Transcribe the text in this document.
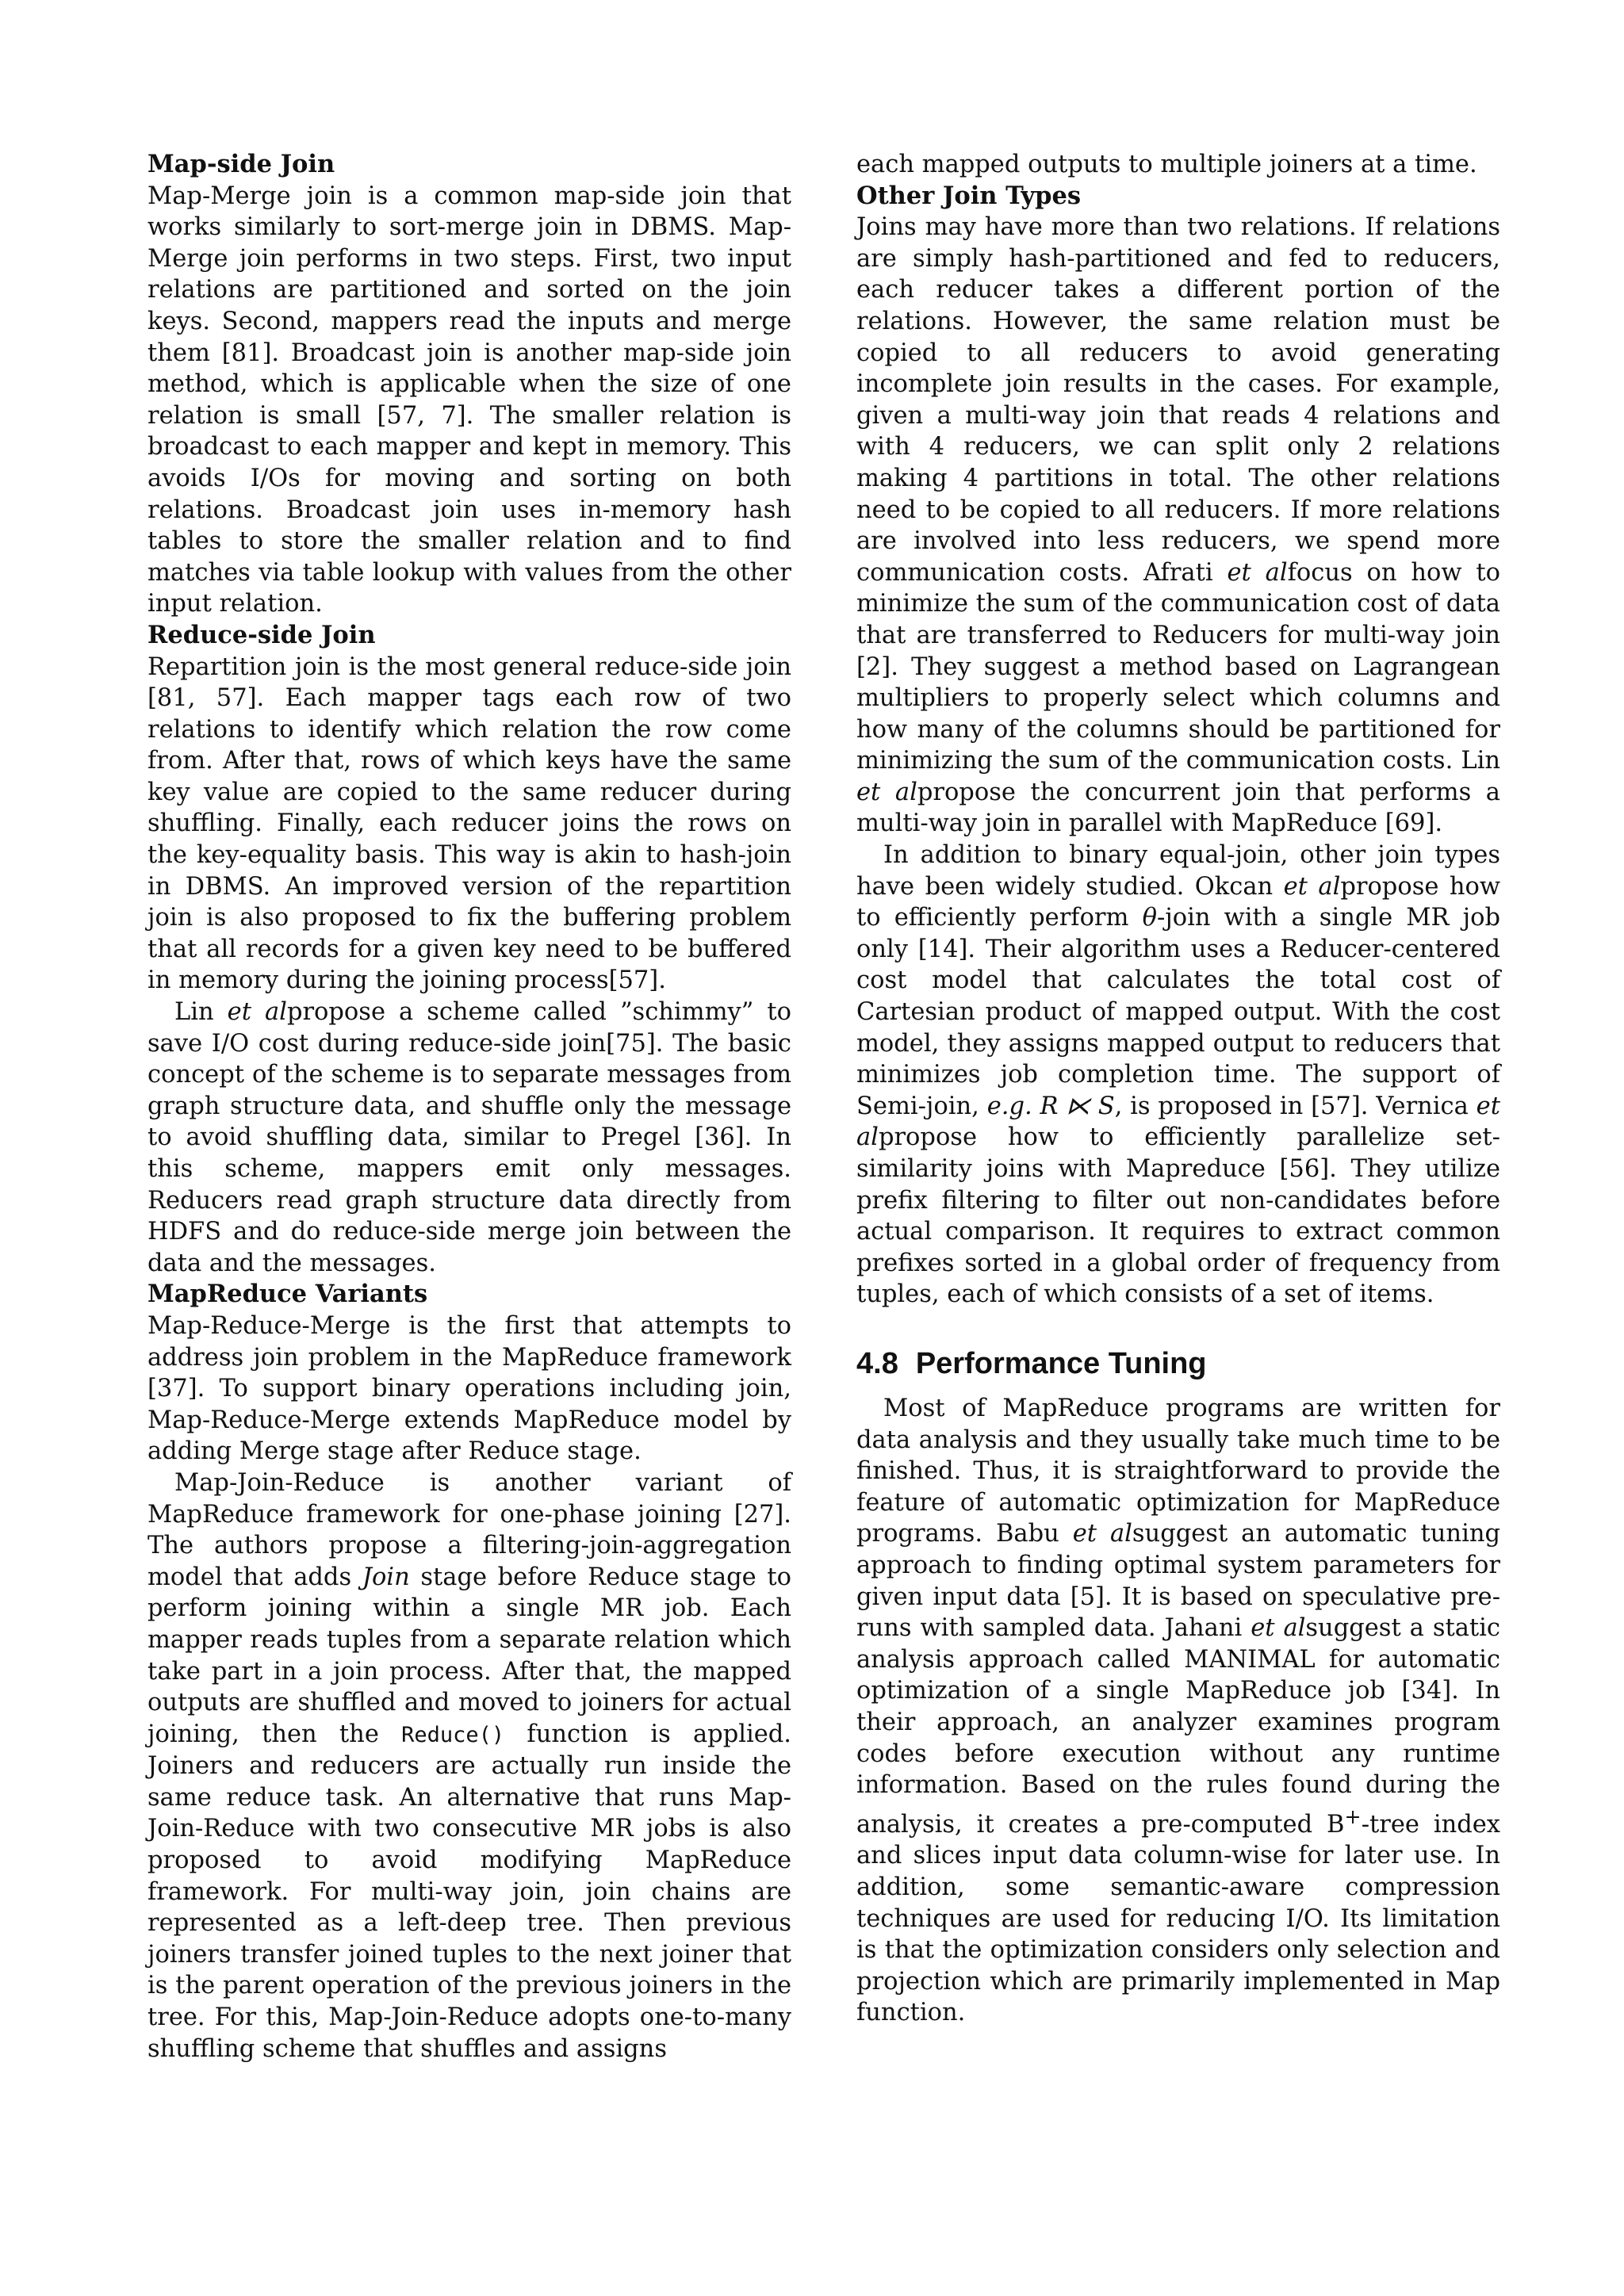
Map-side Join

Map-Merge join is a common map-side join that works similarly to sort-merge join in DBMS. Map-Merge join performs in two steps. First, two input relations are partitioned and sorted on the join keys. Second, mappers read the inputs and merge them [81]. Broadcast join is another map-side join method, which is applicable when the size of one relation is small [57, 7]. The smaller relation is broadcast to each mapper and kept in memory. This avoids I/Os for moving and sorting on both relations. Broadcast join uses in-memory hash tables to store the smaller relation and to find matches via table lookup with values from the other input relation.

Reduce-side Join

Repartition join is the most general reduce-side join [81, 57]. Each mapper tags each row of two relations to identify which relation the row come from. After that, rows of which keys have the same key value are copied to the same reducer during shuffling. Finally, each reducer joins the rows on the key-equality basis. This way is akin to hash-join in DBMS. An improved version of the repartition join is also proposed to fix the buffering problem that all records for a given key need to be buffered in memory during the joining process[57].

Lin et alpropose a scheme called ”schimmy” to save I/O cost during reduce-side join[75]. The basic concept of the scheme is to separate messages from graph structure data, and shuffle only the message to avoid shuffling data, similar to Pregel [36]. In this scheme, mappers emit only messages. Reducers read graph structure data directly from HDFS and do reduce-side merge join between the data and the messages.

MapReduce Variants

Map-Reduce-Merge is the first that attempts to address join problem in the MapReduce framework [37]. To support binary operations including join, Map-Reduce-Merge extends MapReduce model by adding Merge stage after Reduce stage.

Map-Join-Reduce is another variant of MapReduce framework for one-phase joining [27]. The authors propose a filtering-join-aggregation model that adds Join stage before Reduce stage to perform joining within a single MR job. Each mapper reads tuples from a separate relation which take part in a join process. After that, the mapped outputs are shuffled and moved to joiners for actual joining, then the Reduce() function is applied. Joiners and reducers are actually run inside the same reduce task. An alternative that runs Map-Join-Reduce with two consecutive MR jobs is also proposed to avoid modifying MapReduce framework. For multi-way join, join chains are represented as a left-deep tree. Then previous joiners transfer joined tuples to the next joiner that is the parent operation of the previous joiners in the tree. For this, Map-Join-Reduce adopts one-to-many shuffling scheme that shuffles and assigns

each mapped outputs to multiple joiners at a time.

Other Join Types

Joins may have more than two relations. If relations are simply hash-partitioned and fed to reducers, each reducer takes a different portion of the relations. However, the same relation must be copied to all reducers to avoid generating incomplete join results in the cases. For example, given a multi-way join that reads 4 relations and with 4 reducers, we can split only 2 relations making 4 partitions in total. The other relations need to be copied to all reducers. If more relations are involved into less reducers, we spend more communication costs. Afrati et alfocus on how to minimize the sum of the communication cost of data that are transferred to Reducers for multi-way join [2]. They suggest a method based on Lagrangean multipliers to properly select which columns and how many of the columns should be partitioned for minimizing the sum of the communication costs. Lin et alpropose the concurrent join that performs a multi-way join in parallel with MapReduce [69].

In addition to binary equal-join, other join types have been widely studied. Okcan et alpropose how to efficiently perform θ-join with a single MR job only [14]. Their algorithm uses a Reducer-centered cost model that calculates the total cost of Cartesian product of mapped output. With the cost model, they assigns mapped output to reducers that minimizes job completion time. The support of Semi-join, e.g. R ⋉ S, is proposed in [57]. Vernica et alpropose how to efficiently parallelize set-similarity joins with Mapreduce [56]. They utilize prefix filtering to filter out non-candidates before actual comparison. It requires to extract common prefixes sorted in a global order of frequency from tuples, each of which consists of a set of items.

4.8 Performance Tuning

Most of MapReduce programs are written for data analysis and they usually take much time to be finished. Thus, it is straightforward to provide the feature of automatic optimization for MapReduce programs. Babu et alsuggest an automatic tuning approach to finding optimal system parameters for given input data [5]. It is based on speculative pre-runs with sampled data. Jahani et alsuggest a static analysis approach called MANIMAL for automatic optimization of a single MapReduce job [34]. In their approach, an analyzer examines program codes before execution without any runtime information. Based on the rules found during the analysis, it creates a pre-computed B+-tree index and slices input data column-wise for later use. In addition, some semantic-aware compression techniques are used for reducing I/O. Its limitation is that the optimization considers only selection and projection which are primarily implemented in Map function.
